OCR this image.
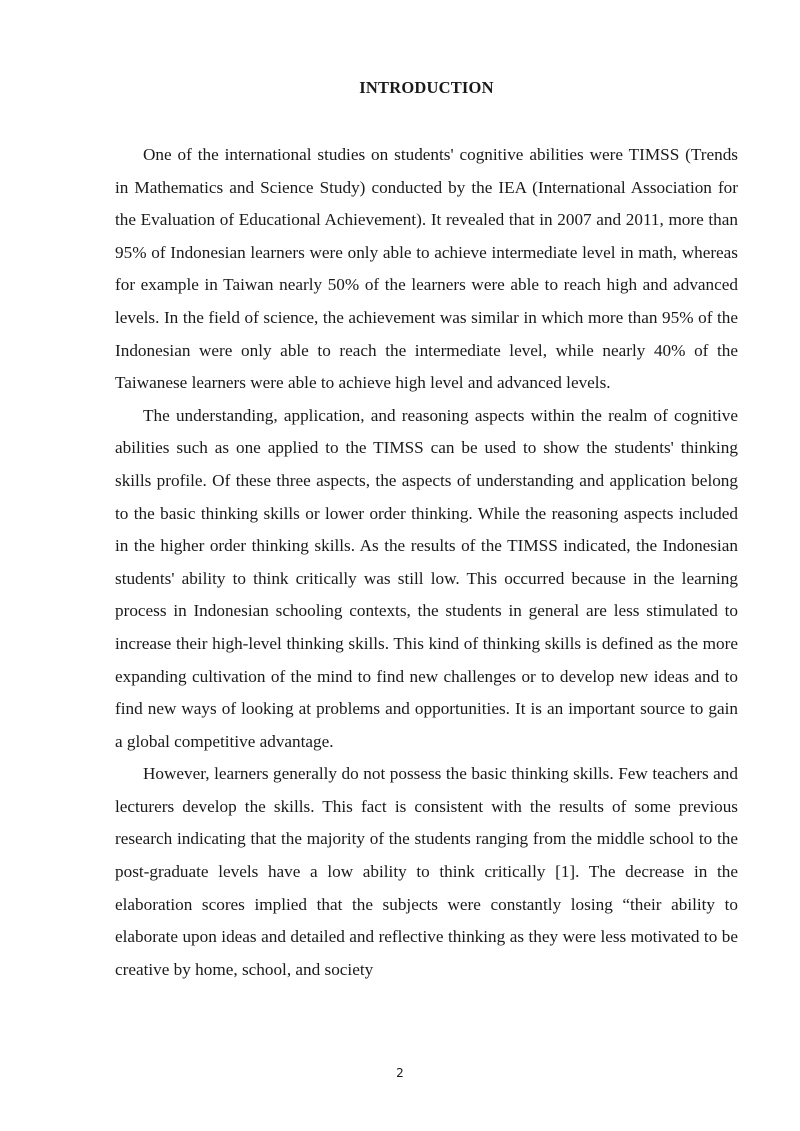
INTRODUCTION

One of the international studies on students' cognitive abilities were TIMSS (Trends in Mathematics and Science Study) conducted by the IEA (International Association for the Evaluation of Educational Achievement). It revealed that in 2007 and 2011, more than 95% of Indonesian learners were only able to achieve intermediate level in math, whereas for example in Taiwan nearly 50% of the learners were able to reach high and advanced levels. In the field of science, the achievement was similar in which more than 95% of the Indonesian were only able to reach the intermediate level, while nearly 40% of the Taiwanese learners were able to achieve high level and advanced levels.

The understanding, application, and reasoning aspects within the realm of cognitive abilities such as one applied to the TIMSS can be used to show the students' thinking skills profile. Of these three aspects, the aspects of understanding and application belong to the basic thinking skills or lower order thinking. While the reasoning aspects included in the higher order thinking skills. As the results of the TIMSS indicated, the Indonesian students' ability to think critically was still low. This occurred because in the learning process in Indonesian schooling contexts, the students in general are less stimulated to increase their high-level thinking skills. This kind of thinking skills is defined as the more expanding cultivation of the mind to find new challenges or to develop new ideas and to find new ways of looking at problems and opportunities. It is an important source to gain a global competitive advantage.

However, learners generally do not possess the basic thinking skills. Few teachers and lecturers develop the skills. This fact is consistent with the results of some previous research indicating that the majority of the students ranging from the middle school to the post-graduate levels have a low ability to think critically [1]. The decrease in the elaboration scores implied that the subjects were constantly losing “their ability to elaborate upon ideas and detailed and reflective thinking as they were less motivated to be creative by home, school, and society

2
